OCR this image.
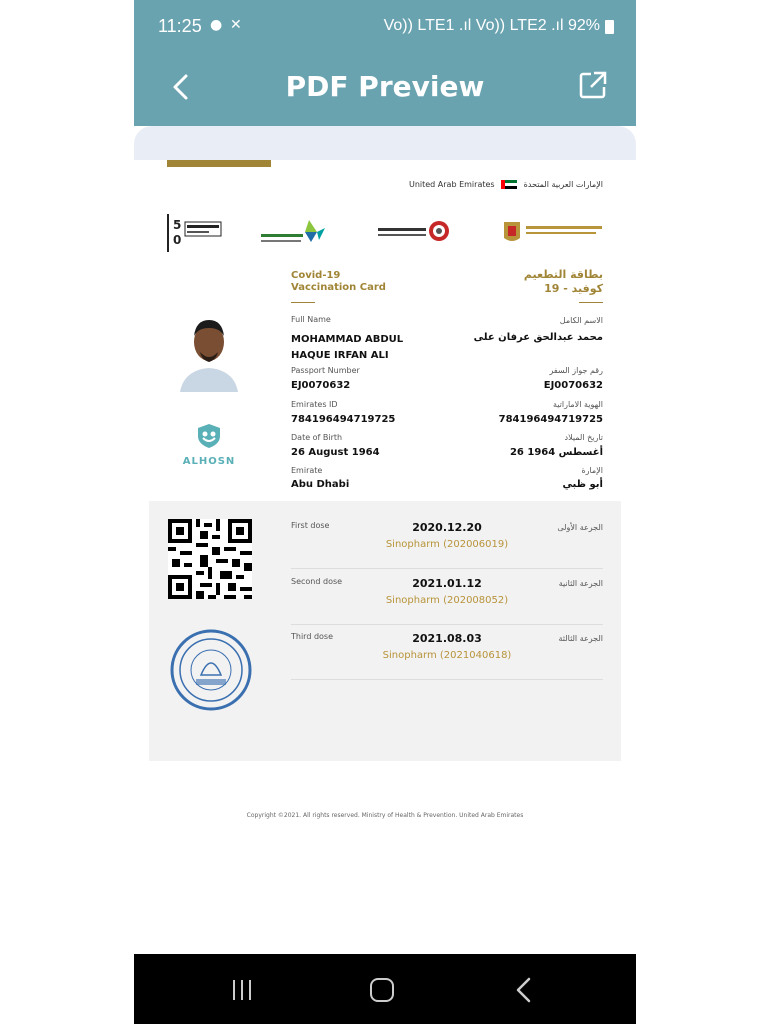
11:25 ● ✕	Vo)) LTE1 .ıl Vo)) LTE2 .ıl 92%
PDF Preview
United Arab Emirates	الإمارات العربية المتحدة
5
0
Covid-19
Vaccination Card
بطاقة التطعيم
كوفيد - 19
ALHOSN
Full Name	الاسم الكامل
MOHAMMAD ABDUL HAQUE IRFAN ALI
محمد عبدالحق عرفان على
Passport Number	رقم جواز السفر
EJ0070632	EJ0070632
Emirates ID	الهوية الاماراتية
784196494719725	784196494719725
Date of Birth	تاريخ الميلاد
26 August 1964	26 أغسطس 1964
Emirate	الإمارة
Abu Dhabi	أبو ظبي
First dose	2020.12.20
Sinopharm (202006019)
الجرعة الأولى
Second dose	2021.01.12
Sinopharm (202008052)
الجرعة الثانية
Third dose	2021.08.03
Sinopharm (2021040618)
الجرعة الثالثة
Copyright ©2021. All rights reserved. Ministry of Health & Prevention. United Arab Emirates
